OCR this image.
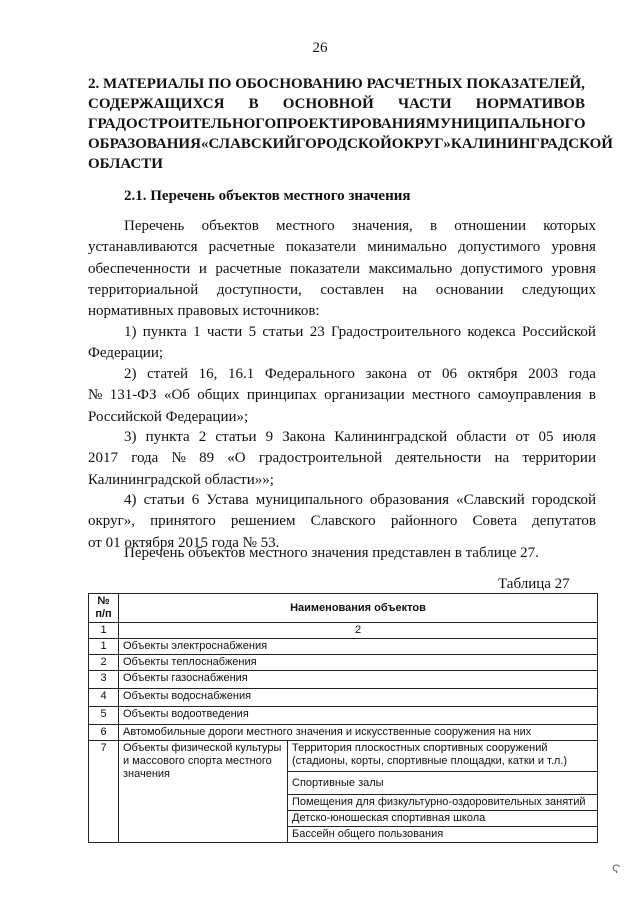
26
2. МАТЕРИАЛЫ ПО ОБОСНОВАНИЮ РАСЧЕТНЫХ ПОКАЗАТЕЛЕЙ,
СОДЕРЖАЩИХСЯ В ОСНОВНОЙ ЧАСТИ НОРМАТИВОВ
ГРАДОСТРОИТЕЛЬНОГО ПРОЕКТИРОВАНИЯ МУНИЦИПАЛЬНОГО
ОБРАЗОВАНИЯ «СЛАВСКИЙ ГОРОДСКОЙ ОКРУГ» КАЛИНИНГРАДСКОЙ
ОБЛАСТИ
2.1. Перечень объектов местного значения
Перечень объектов местного значения, в отношении которых
устанавливаются расчетные показатели минимально допустимого уровня
обеспеченности и расчетные показатели максимально допустимого уровня
территориальной доступности, составлен на основании следующих
нормативных правовых источников:
1) пункта 1 части 5 статьи 23 Градостроительного кодекса Российской
Федерации;
2) статей 16, 16.1 Федерального закона от 06 октября 2003 года
№ 131-ФЗ «Об общих принципах организации местного самоуправления в
Российской Федерации»;
3) пункта 2 статьи 9 Закона Калининградской области от 05 июля
2017 года № 89 «О градостроительной деятельности на территории
Калининградской области»»;
4) статьи 6 Устава муниципального образования «Славский городской
округ», принятого решением Славского районного Совета депутатов
от 01 октября 2015 года № 53.
Перечень объектов местного значения представлен в таблице 27.
Таблица 27
№ п/п	Наименования объектов	
1	2	
1	Объекты электроснабжения	
2	Объекты теплоснабжения	
3	Объекты газоснабжения	
4	Объекты водоснабжения	
5	Объекты водоотведения	
6	Автомобильные дороги местного значения и искусственные сооружения на них	
7	Объекты физической культуры и массового спорта местного значения	Территория плоскостных спортивных сооружений (стадионы, корты, спортивные площадки, катки и т.л.)
		Спортивные залы
		Помещения для физкультурно-оздоровительных занятий
		Детско-юношеская спортивная школа
		Бассейн общего пользования
Ϛ
